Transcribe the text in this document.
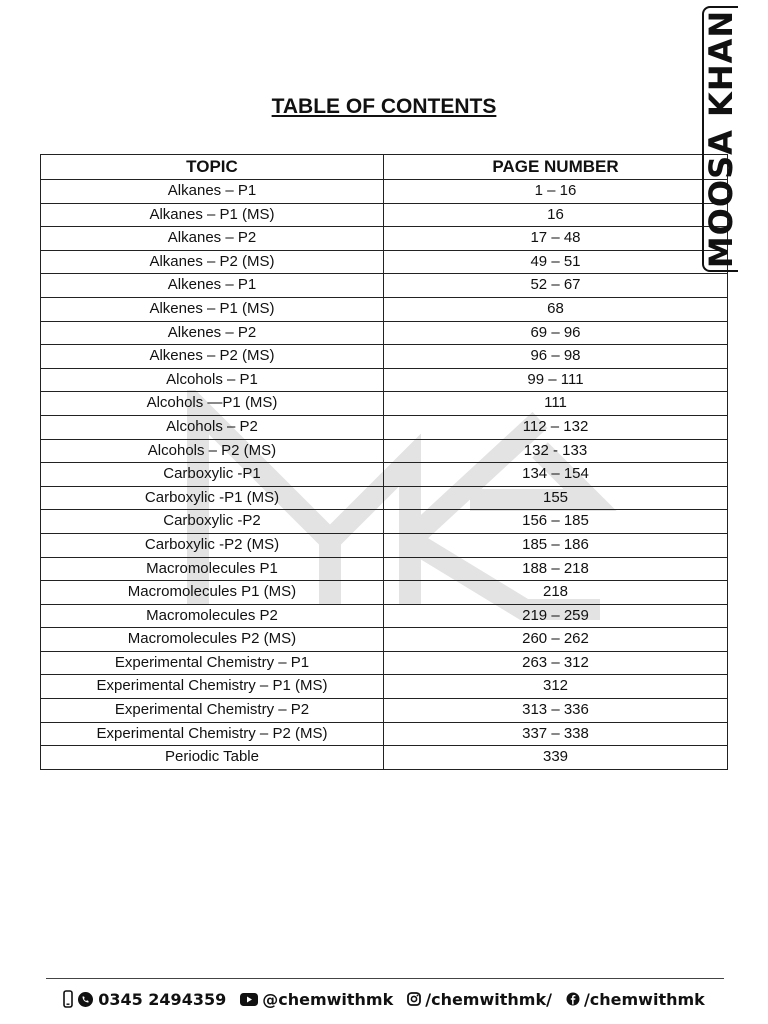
MOOSA KHAN
TABLE OF CONTENTS
TOPIC	PAGE NUMBER
Alkanes – P1	1 – 16
Alkanes – P1 (MS)	16
Alkanes – P2	17 – 48
Alkanes – P2 (MS)	49 – 51
Alkenes – P1	52 – 67
Alkenes – P1 (MS)	68
Alkenes – P2	69 – 96
Alkenes – P2 (MS)	96 – 98
Alcohols – P1	99 – 111
Alcohols —P1 (MS)	111
Alcohols – P2	112 – 132
Alcohols – P2 (MS)	132 - 133
Carboxylic -P1	134 – 154
Carboxylic -P1 (MS)	155
Carboxylic -P2	156 – 185
Carboxylic -P2 (MS)	185 – 186
Macromolecules P1	188 – 218
Macromolecules P1 (MS)	218
Macromolecules P2	219 – 259
Macromolecules P2 (MS)	260 – 262
Experimental Chemistry – P1	263 – 312
Experimental Chemistry – P1 (MS)	312
Experimental Chemistry – P2	313 – 336
Experimental Chemistry – P2 (MS)	337 – 338
Periodic Table	339
0345 2494359 @chemwithmk /chemwithmk/ /chemwithmk
